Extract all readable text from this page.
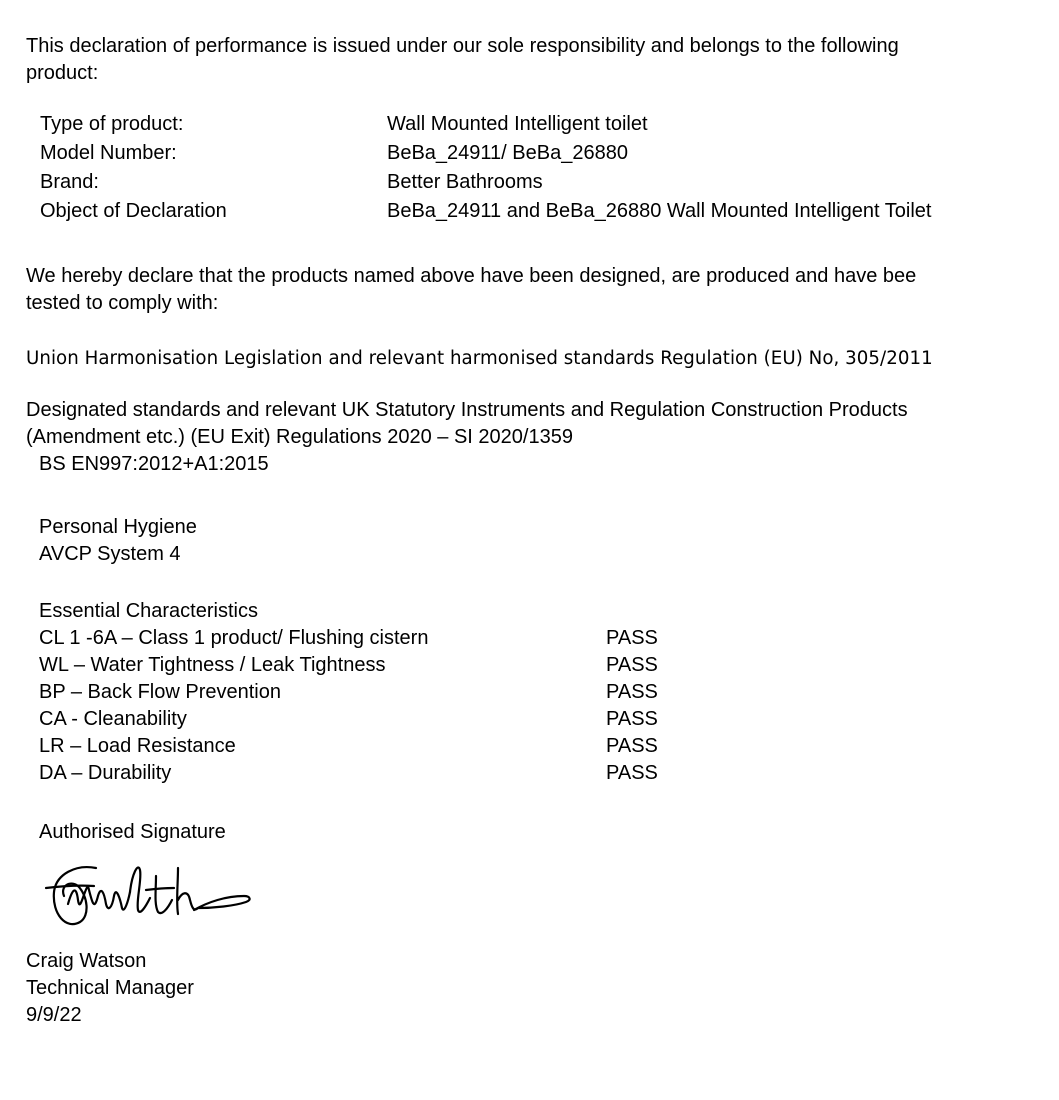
This declaration of performance is issued under our sole responsibility and belongs to the following
product:
Type of product:	Wall Mounted Intelligent toilet
Model Number:	BeBa_24911/ BeBa_26880
Brand:	Better Bathrooms
Object of Declaration	BeBa_24911 and BeBa_26880 Wall Mounted Intelligent Toilet
We hereby declare that the products named above have been designed, are produced and have bee
tested to comply with:
Union Harmonisation Legislation and relevant harmonised standards Regulation (EU) No, 305/2011
Designated standards and relevant UK Statutory Instruments and Regulation Construction Products
(Amendment etc.) (EU Exit) Regulations 2020 – SI 2020/1359
BS EN997:2012+A1:2015
Personal Hygiene
AVCP System 4
Essential Characteristics
CL 1 -6A – Class 1 product/ Flushing cistern	PASS
WL – Water Tightness / Leak Tightness	PASS
BP – Back Flow Prevention	PASS
CA - Cleanability	PASS
LR – Load Resistance	PASS
DA – Durability	PASS
Authorised Signature
Craig Watson
Technical Manager
9/9/22
